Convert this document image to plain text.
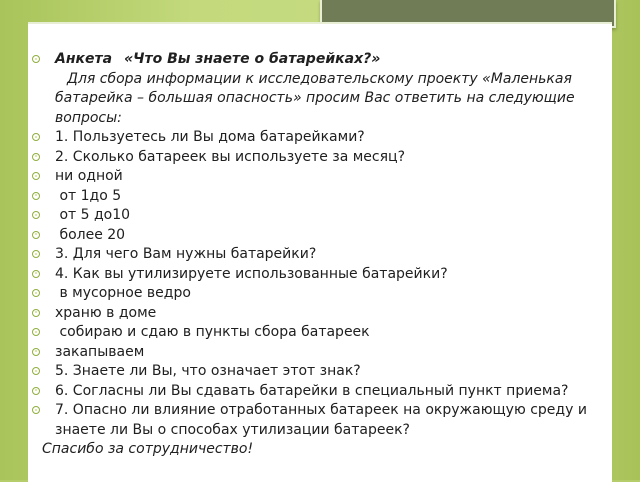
Анкета «Что Вы знаете о батарейках?»
Для сбора информации к исследовательскому проекту «Маленькая батарейка – большая опасность» просим Вас ответить на следующие вопросы:
1. Пользуетесь ли Вы дома батарейками?
2. Сколько батареек вы используете за месяц?
ни одной
от 1до 5
от 5 до10
более 20
3. Для чего Вам нужны батарейки?
4. Как вы утилизируете использованные батарейки?
в мусорное ведро
храню в доме
собираю и сдаю в пункты сбора батареек
закапываем
5. Знаете ли Вы, что означает этот знак?
6. Согласны ли Вы сдавать батарейки в специальный пункт приема?
7. Опасно ли влияние отработанных батареек на окружающую среду и знаете ли Вы о способах утилизации батареек?
Спасибо за сотрудничество!
